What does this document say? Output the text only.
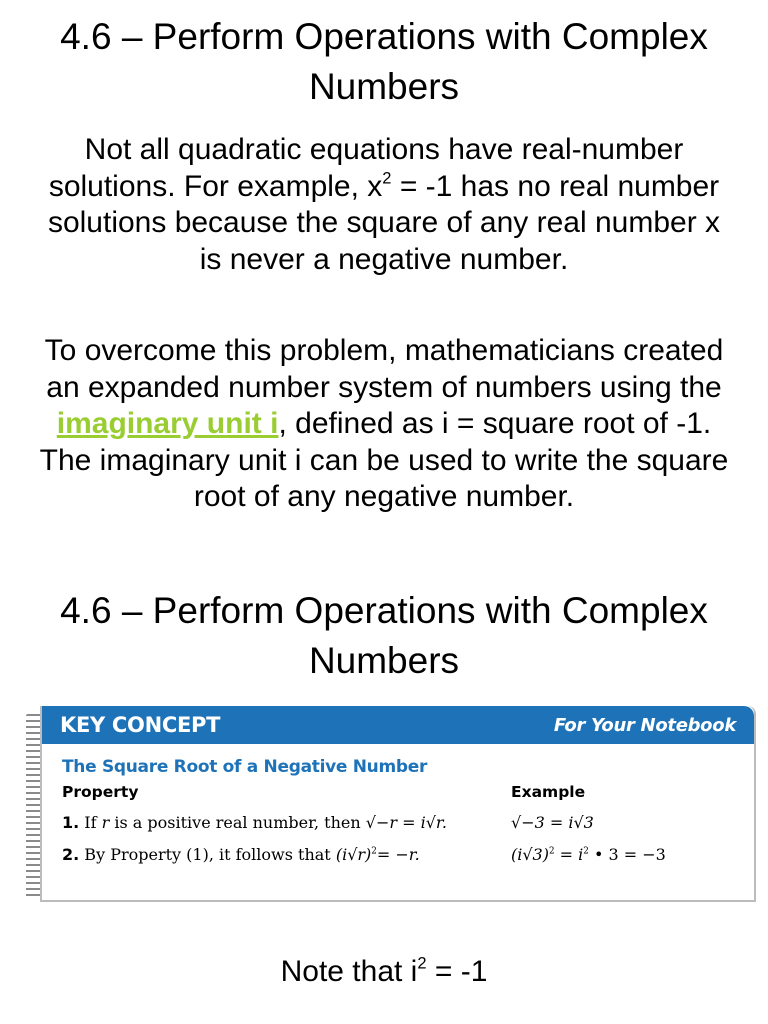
4.6 – Perform Operations with Complex Numbers

Not all quadratic equations have real-number solutions. For example, $x^2 = -1$ has no real number solutions because the square of any real number x is never a negative number.

To overcome this problem, mathematicians created an expanded number system of numbers using the imaginary unit i, defined as i = square root of -1. The imaginary unit i can be used to write the square root of any negative number.

4.6 – Perform Operations with Complex Numbers
KEY CONCEPT	For Your Notebook
The Square Root of a Negative Number
Property	Example
1. If r is a positive real number, then √−r = i√r.	√−3 = i√3
2. By Property (1), it follows that $(i√r)^2= -r$.	$(i√3)^2 = i^2$ • 3 = −3

Note that $i^2 = -1$
